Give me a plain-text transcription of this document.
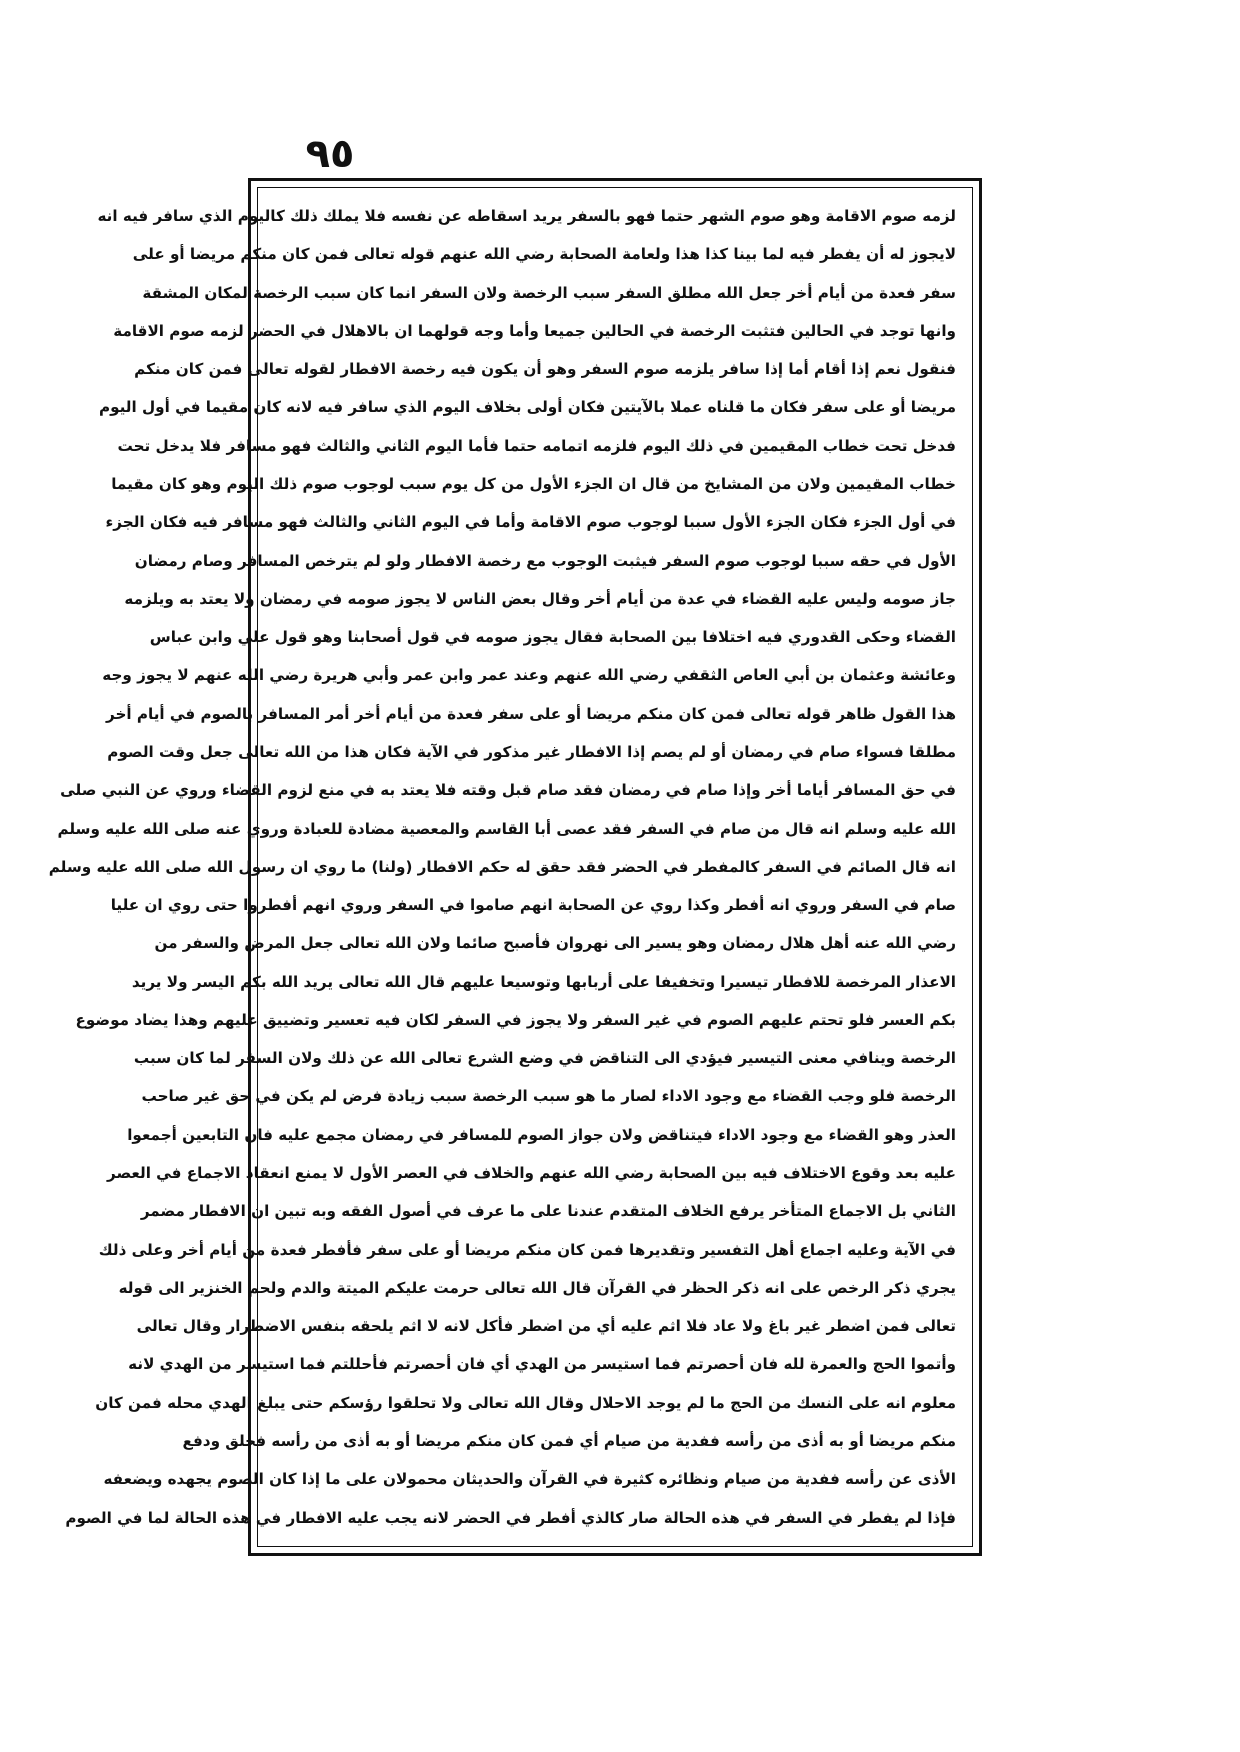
٩٥
لزمه صوم الاقامة وهو صوم الشهر حتما فهو بالسفر يريد اسقاطه عن نفسه فلا يملك ذلك كاليوم الذي سافر فيه انه
لايجوز له أن يفطر فيه لما بينا كذا هذا ولعامة الصحابة رضي الله عنهم قوله تعالى فمن كان منكم مريضا أو على
سفر فعدة من أيام أخر جعل الله مطلق السفر سبب الرخصة ولان السفر انما كان سبب الرخصة لمكان المشقة
وانها توجد في الحالين فتثبت الرخصة في الحالين جميعا وأما وجه قولهما ان بالاهلال في الحضر لزمه صوم الاقامة
فنقول نعم إذا أقام أما إذا سافر يلزمه صوم السفر وهو أن يكون فيه رخصة الافطار لقوله تعالى فمن كان منكم
مريضا أو على سفر فكان ما قلناه عملا بالآيتين فكان أولى بخلاف اليوم الذي سافر فيه لانه كان مقيما في أول اليوم
فدخل تحت خطاب المقيمين في ذلك اليوم فلزمه اتمامه حتما فأما اليوم الثاني والثالث فهو مسافر فلا يدخل تحت
خطاب المقيمين ولان من المشايخ من قال ان الجزء الأول من كل يوم سبب لوجوب صوم ذلك اليوم وهو كان مقيما
في أول الجزء فكان الجزء الأول سببا لوجوب صوم الاقامة وأما في اليوم الثاني والثالث فهو مسافر فيه فكان الجزء
الأول في حقه سببا لوجوب صوم السفر فيثبت الوجوب مع رخصة الافطار ولو لم يترخص المسافر وصام رمضان
جاز صومه وليس عليه القضاء في عدة من أيام أخر وقال بعض الناس لا يجوز صومه في رمضان ولا يعتد به ويلزمه
القضاء وحكى القدوري فيه اختلافا بين الصحابة فقال يجوز صومه في قول أصحابنا وهو قول علي وابن عباس
وعائشة وعثمان بن أبي العاص الثقفي رضي الله عنهم وعند عمر وابن عمر وأبي هريرة رضي الله عنهم لا يجوز وجه
هذا القول ظاهر قوله تعالى فمن كان منكم مريضا أو على سفر فعدة من أيام أخر أمر المسافر بالصوم في أيام أخر
مطلقا فسواء صام في رمضان أو لم يصم إذا الافطار غير مذكور في الآية فكان هذا من الله تعالى جعل وقت الصوم
في حق المسافر أياما أخر وإذا صام في رمضان فقد صام قبل وقته فلا يعتد به في منع لزوم القضاء وروي عن النبي صلى
الله عليه وسلم انه قال من صام في السفر فقد عصى أبا القاسم والمعصية مضادة للعبادة وروي عنه صلى الله عليه وسلم
انه قال الصائم في السفر كالمفطر في الحضر فقد حقق له حكم الافطار (ولنا) ما روي ان رسول الله صلى الله عليه وسلم
صام في السفر وروي انه أفطر وكذا روي عن الصحابة انهم صاموا في السفر وروي انهم أفطروا حتى روي ان عليا
رضي الله عنه أهل هلال رمضان وهو يسير الى نهروان فأصبح صائما ولان الله تعالى جعل المرض والسفر من
الاعذار المرخصة للافطار تيسيرا وتخفيفا على أربابها وتوسيعا عليهم قال الله تعالى يريد الله بكم اليسر ولا يريد
بكم العسر فلو تحتم عليهم الصوم في غير السفر ولا يجوز في السفر لكان فيه تعسير وتضييق عليهم وهذا يضاد موضوع
الرخصة وينافي معنى التيسير فيؤدي الى التناقض في وضع الشرع تعالى الله عن ذلك ولان السفر لما كان سبب
الرخصة فلو وجب القضاء مع وجود الاداء لصار ما هو سبب الرخصة سبب زيادة فرض لم يكن في حق غير صاحب
العذر وهو القضاء مع وجود الاداء فيتناقض ولان جواز الصوم للمسافر في رمضان مجمع عليه فان التابعين أجمعوا
عليه بعد وقوع الاختلاف فيه بين الصحابة رضي الله عنهم والخلاف في العصر الأول لا يمنع انعقاد الاجماع في العصر
الثاني بل الاجماع المتأخر يرفع الخلاف المتقدم عندنا على ما عرف في أصول الفقه وبه تبين ان الافطار مضمر
في الآية وعليه اجماع أهل التفسير وتقديرها فمن كان منكم مريضا أو على سفر فأفطر فعدة من أيام أخر وعلى ذلك
يجري ذكر الرخص على انه ذكر الحظر في القرآن قال الله تعالى حرمت عليكم الميتة والدم ولحم الخنزير الى قوله
تعالى فمن اضطر غير باغ ولا عاد فلا اثم عليه أي من اضطر فأكل لانه لا اثم يلحقه بنفس الاضطرار وقال تعالى
وأتموا الحج والعمرة لله فان أحصرتم فما استيسر من الهدي أي فان أحصرتم فأحللتم فما استيسر من الهدي لانه
معلوم انه على النسك من الحج ما لم يوجد الاحلال وقال الله تعالى ولا تحلقوا رؤسكم حتى يبلغ الهدي محله فمن كان
منكم مريضا أو به أذى من رأسه ففدية من صيام أي فمن كان منكم مريضا أو به أذى من رأسه فحلق ودفع
الأذى عن رأسه ففدية من صيام ونظائره كثيرة في القرآن والحديثان محمولان على ما إذا كان الصوم يجهده ويضعفه
فإذا لم يفطر في السفر في هذه الحالة صار كالذي أفطر في الحضر لانه يجب عليه الافطار في هذه الحالة لما في الصوم
